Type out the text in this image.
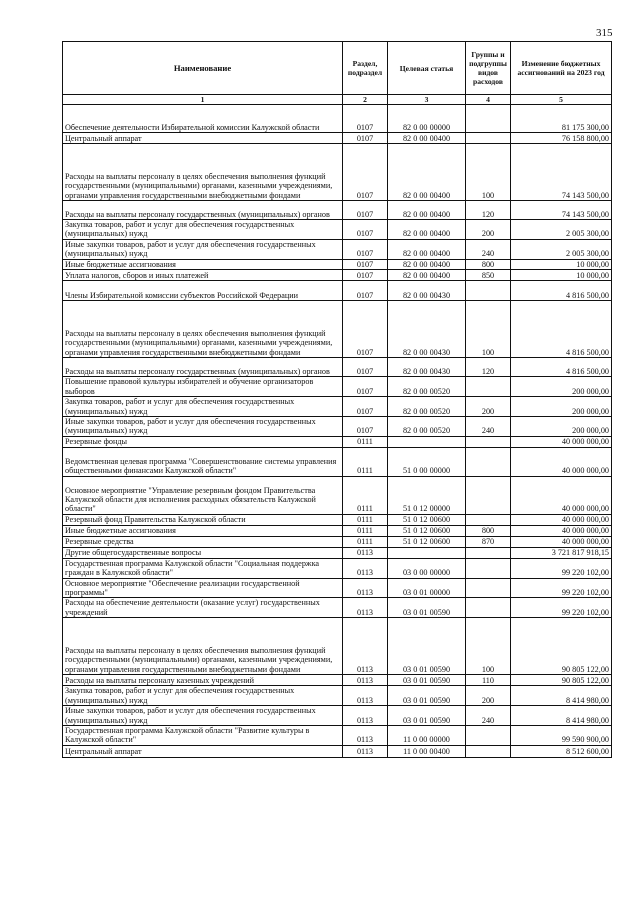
315
Наименование	Раздел, подраздел	Целевая статья	Группы и подгруппы видов расходов	Изменение бюджетных ассигнований на 2023 год
1	2	3	4	5
Обеспечение деятельности Избирательной комиссии Калужской области	0107	82 0 00 00000		81 175 300,00
Центральный аппарат	0107	82 0 00 00400		76 158 800,00
Расходы на выплаты персоналу в целях обеспечения выполнения функций государственными (муниципальными) органами, казенными учреждениями, органами управления государственными внебюджетными фондами	0107	82 0 00 00400	100	74 143 500,00
Расходы на выплаты персоналу государственных (муниципальных) органов	0107	82 0 00 00400	120	74 143 500,00
Закупка товаров, работ и услуг для обеспечения государственных (муниципальных) нужд	0107	82 0 00 00400	200	2 005 300,00
Иные закупки товаров, работ и услуг для обеспечения государственных (муниципальных) нужд	0107	82 0 00 00400	240	2 005 300,00
Иные бюджетные ассигнования	0107	82 0 00 00400	800	10 000,00
Уплата налогов, сборов и иных платежей	0107	82 0 00 00400	850	10 000,00
Члены Избирательной комиссии субъектов Российской Федерации	0107	82 0 00 00430		4 816 500,00
Расходы на выплаты персоналу в целях обеспечения выполнения функций государственными (муниципальными) органами, казенными учреждениями, органами управления государственными внебюджетными фондами	0107	82 0 00 00430	100	4 816 500,00
Расходы на выплаты персоналу государственных (муниципальных) органов	0107	82 0 00 00430	120	4 816 500,00
Повышение правовой культуры избирателей и обучение организаторов выборов	0107	82 0 00 00520		200 000,00
Закупка товаров, работ и услуг для обеспечения государственных (муниципальных) нужд	0107	82 0 00 00520	200	200 000,00
Иные закупки товаров, работ и услуг для обеспечения государственных (муниципальных) нужд	0107	82 0 00 00520	240	200 000,00
Резервные фонды	0111			40 000 000,00
Ведомственная целевая программа "Совершенствование системы управления общественными финансами Калужской области"	0111	51 0 00 00000		40 000 000,00
Основное мероприятие "Управление резервным фондом Правительства Калужской области для исполнения расходных обязательств Калужской области"	0111	51 0 12 00000		40 000 000,00
Резервный фонд Правительства Калужской области	0111	51 0 12 00600		40 000 000,00
Иные бюджетные ассигнования	0111	51 0 12 00600	800	40 000 000,00
Резервные средства	0111	51 0 12 00600	870	40 000 000,00
Другие общегосударственные вопросы	0113			3 721 817 918,15
Государственная программа Калужской области "Социальная поддержка граждан в Калужской области"	0113	03 0 00 00000		99 220 102,00
Основное мероприятие "Обеспечение реализации государственной программы"	0113	03 0 01 00000		99 220 102,00
Расходы на обеспечение деятельности (оказание услуг) государственных учреждений	0113	03 0 01 00590		99 220 102,00
Расходы на выплаты персоналу в целях обеспечения выполнения функций государственными (муниципальными) органами, казенными учреждениями, органами управления государственными внебюджетными фондами	0113	03 0 01 00590	100	90 805 122,00
Расходы на выплаты персоналу казенных учреждений	0113	03 0 01 00590	110	90 805 122,00
Закупка товаров, работ и услуг для обеспечения государственных (муниципальных) нужд	0113	03 0 01 00590	200	8 414 980,00
Иные закупки товаров, работ и услуг для обеспечения государственных (муниципальных) нужд	0113	03 0 01 00590	240	8 414 980,00
Государственная программа Калужской области "Развитие культуры в Калужской области"	0113	11 0 00 00000		99 590 900,00
Центральный аппарат	0113	11 0 00 00400		8 512 600,00
